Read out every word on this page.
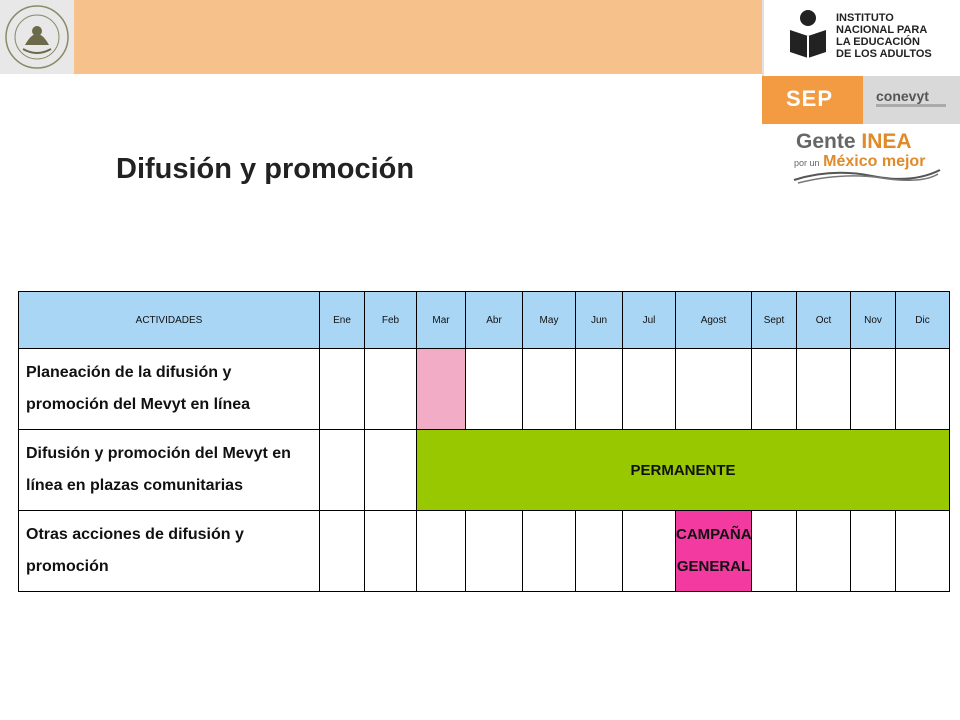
INSTITUTO
NACIONAL PARA
LA EDUCACIÓN
DE LOS ADULTOS
SEP	conevyt
Gente INEA
por un México mejor
Difusión y promoción
ACTIVIDADES	Ene	Feb	Mar	Abr	May	Jun	Jul	Agost	Sept	Oct	Nov	Dic
Planeación de la difusión y promoción del Mevyt en línea												
Difusión y promoción del Mevyt en línea en plazas comunitarias			PERMANENTE									
Otras acciones de difusión y promoción								CAMPAÑA GENERAL				
